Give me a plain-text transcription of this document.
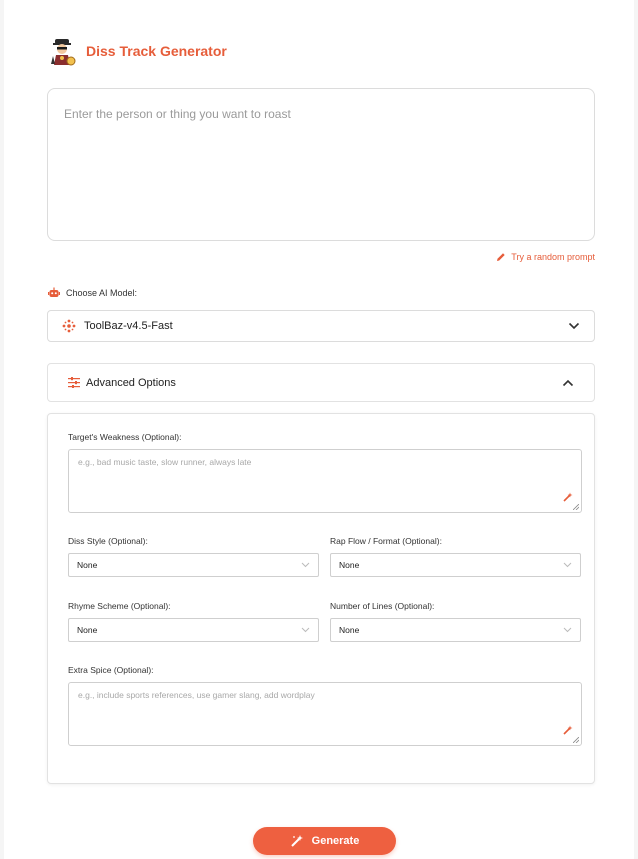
Diss Track Generator
Enter the person or thing you want to roast
Try a random prompt
Choose AI Model:
ToolBaz-v4.5-Fast
Advanced Options
Target's Weakness (Optional):
e.g., bad music taste, slow runner, always late
Diss Style (Optional):
None
Rap Flow / Format (Optional):
None
Rhyme Scheme (Optional):
None
Number of Lines (Optional):
None
Extra Spice (Optional):
e.g., include sports references, use gamer slang, add wordplay
Generate
